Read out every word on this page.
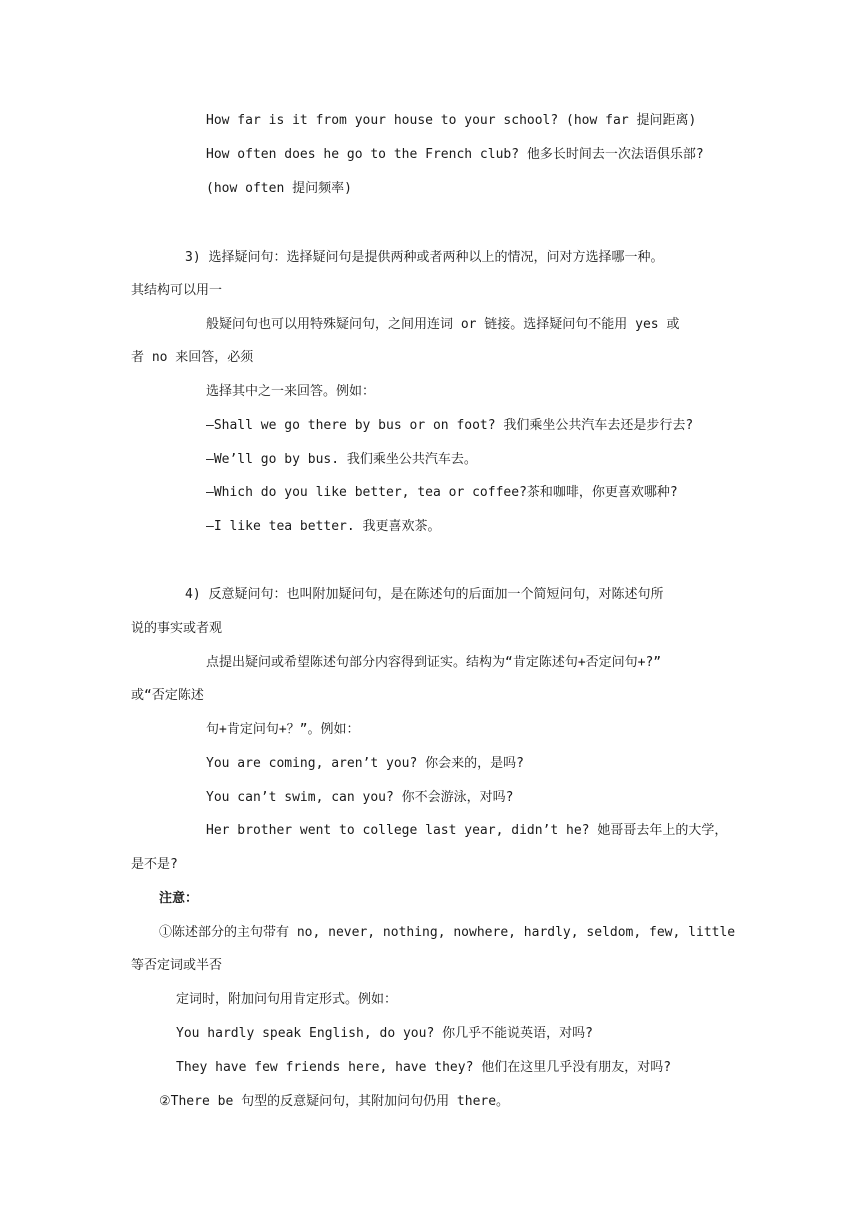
How far is it from your house to your school? (how far 提问距离)
How often does he go to the French club? 他多长时间去一次法语俱乐部?
(how often 提问频率)
3) 选择疑问句：选择疑问句是提供两种或者两种以上的情况，问对方选择哪一种。
其结构可以用一
般疑问句也可以用特殊疑问句，之间用连词 or 链接。选择疑问句不能用 yes 或
者 no 来回答，必须
选择其中之一来回答。例如：
—Shall we go there by bus or on foot? 我们乘坐公共汽车去还是步行去?
—We’ll go by bus. 我们乘坐公共汽车去。
—Which do you like better, tea or coffee?茶和咖啡，你更喜欢哪种?
—I like tea better. 我更喜欢茶。
4) 反意疑问句：也叫附加疑问句，是在陈述句的后面加一个简短问句，对陈述句所
说的事实或者观
点提出疑问或希望陈述句部分内容得到证实。结构为“肯定陈述句+否定问句+?”
或“否定陈述
句+肯定问句+？”。例如：
You are coming, aren’t you? 你会来的，是吗?
You can’t swim, can you? 你不会游泳，对吗?
Her brother went to college last year, didn’t he? 她哥哥去年上的大学，
是不是?
注意：
①陈述部分的主句带有 no, never, nothing, nowhere, hardly, seldom, few, little
等否定词或半否
定词时，附加问句用肯定形式。例如：
You hardly speak English, do you? 你几乎不能说英语，对吗?
They have few friends here, have they? 他们在这里几乎没有朋友，对吗?
②There be 句型的反意疑问句，其附加问句仍用 there。
